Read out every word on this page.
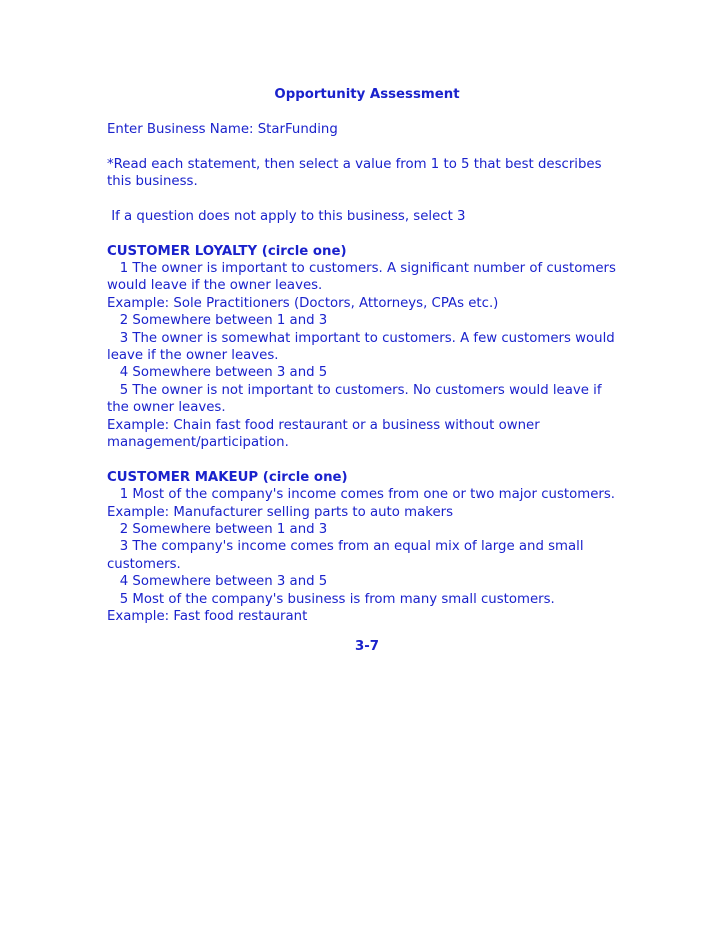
Opportunity Assessment
Enter Business Name: StarFunding
*Read each statement, then select a value from 1 to 5 that best describes this business.
If a question does not apply to this business, select 3
CUSTOMER LOYALTY (circle one)
1 The owner is important to customers. A significant number of customers would leave if the owner leaves.
Example: Sole Practitioners (Doctors, Attorneys, CPAs etc.)
2 Somewhere between 1 and 3
3 The owner is somewhat important to customers. A few customers would leave if the owner leaves.
4 Somewhere between 3 and 5
5 The owner is not important to customers. No customers would leave if the owner leaves.
Example: Chain fast food restaurant or a business without owner management/participation.
CUSTOMER MAKEUP (circle one)
1 Most of the company's income comes from one or two major customers.
Example: Manufacturer selling parts to auto makers
2 Somewhere between 1 and 3
3 The company's income comes from an equal mix of large and small customers.
4 Somewhere between 3 and 5
5 Most of the company's business is from many small customers.
Example: Fast food restaurant
3-7
